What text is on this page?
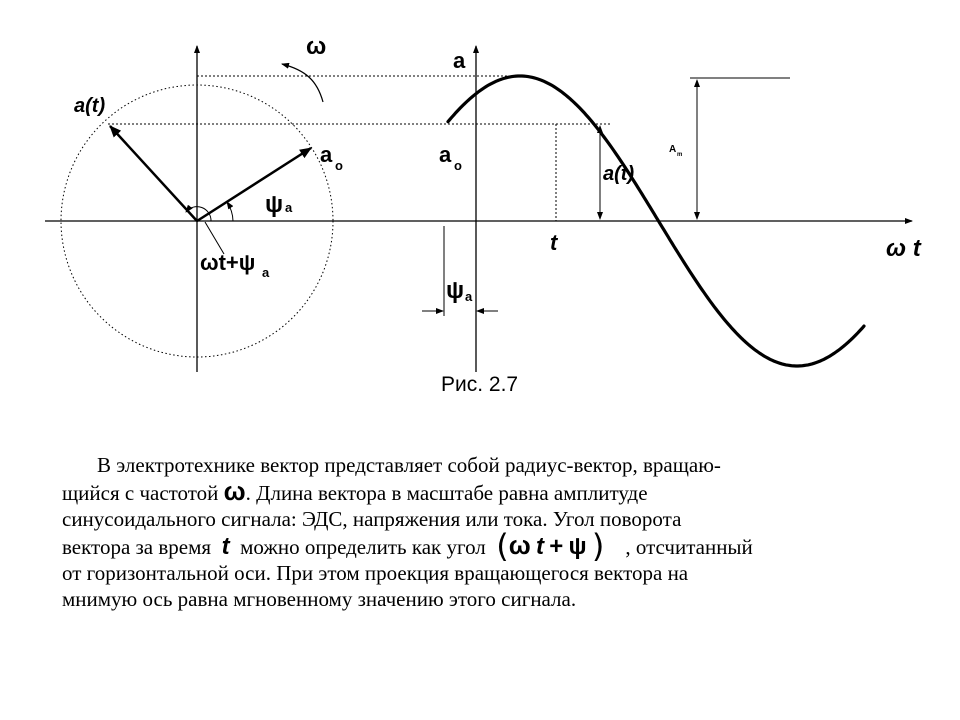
ω
a
a(t)
a o	a o	a(t)
A m
ψ a
ωt+ψ a
t
ψ a
ω t
Рис. 2.7
В электротехнике вектор представляет собой радиус-вектор, вращаю-
щийся с частотой ω. Длина вектора в масштабе равна амплитуде
синусоидального сигнала: ЭДС, напряжения или тока. Угол поворота
вектора за время t можно определить как угол (ω t + ψ ) , отсчитанный
от горизонтальной оси. При этом проекция вращающегося вектора на
мнимую ось равна мгновенному значению этого сигнала.
